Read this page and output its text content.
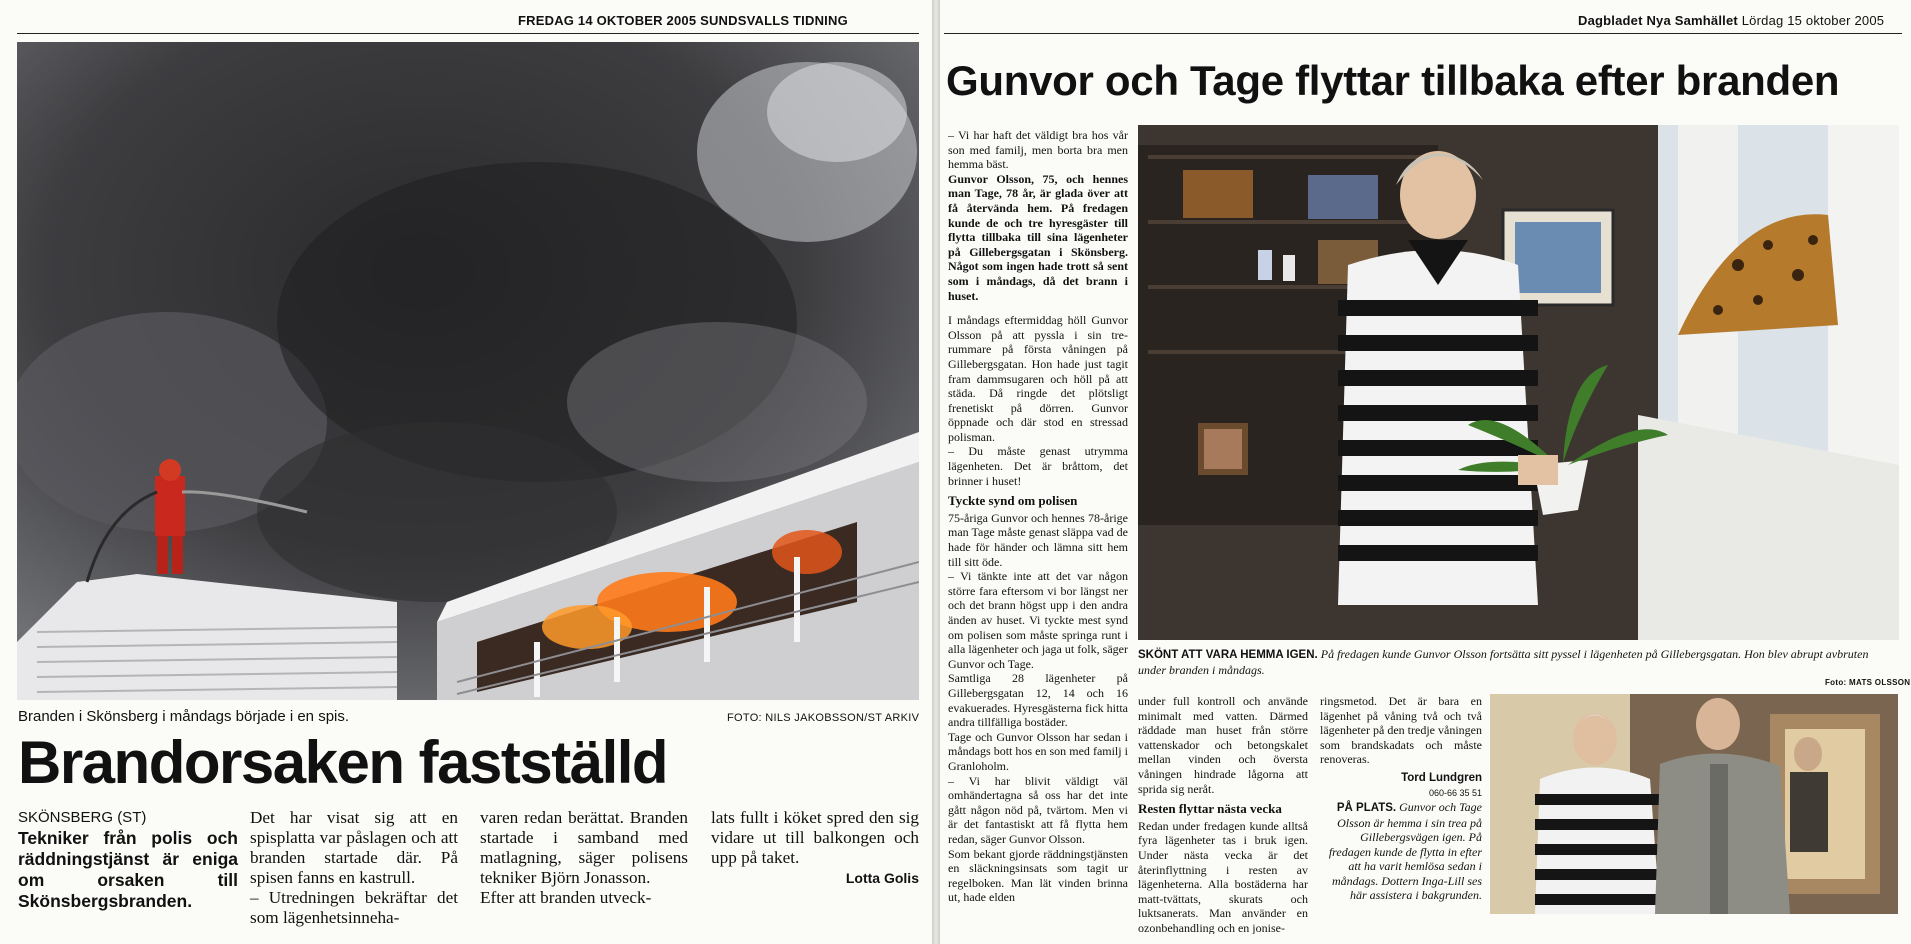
FREDAG 14 OKTOBER 2005 SUNDSVALLS TIDNING
Branden i Skönsberg i måndags började i en spis.	FOTO: NILS JAKOBSSON/ST ARKIV
Brandorsaken fastställd
SKÖNSBERG (ST)
Tekniker från polis och räddningstjänst är eniga om orsaken till Skönsbergsbranden.
Det har visat sig att en spisplatta var påslagen och att branden startade där. På spisen fanns en kastrull.
– Utredningen bekräftar det som lägenhetsinneha-
varen redan berättat. Branden startade i samband med matlagning, säger polisens tekniker Björn Jonasson.
Efter att branden utveck-
lats fullt i köket spred den sig vidare ut till balkongen och upp på taket.
Lotta Golis
Dagbladet Nya Samhället Lördag 15 oktober 2005
Gunvor och Tage flyttar tillbaka efter branden

– Vi har haft det väldigt bra hos vår son med familj, men borta bra men hemma bäst.

Gunvor Olsson, 75, och hennes man Tage, 78 år, är glada över att få återvända hem. På fredagen kunde de och tre hyresgäster till flytta tillbaka till sina lägenheter på Gillebergsgatan i Skönsberg. Något som ingen hade trott så sent som i måndags, då det brann i huset.

I måndags eftermiddag höll Gunvor Olsson på att pyssla i sin tre-rummare på första våningen på Gillebergsgatan. Hon hade just tagit fram dammsugaren och höll på att städa. Då ringde det plötsligt frenetiskt på dörren. Gunvor öppnade och där stod en stressad polisman.
– Du måste genast utrymma lägenheten. Det är bråttom, det brinner i huset!

Tyckte synd om polisen

75-åriga Gunvor och hennes 78-årige man Tage måste genast släppa vad de hade för händer och lämna sitt hem till sitt öde.
– Vi tänkte inte att det var någon större fara eftersom vi bor längst ner och det brann högst upp i den andra änden av huset. Vi tyckte mest synd om polisen som måste springa runt i alla lägenheter och jaga ut folk, säger Gunvor och Tage.
Samtliga 28 lägenheter på Gillebergsgatan 12, 14 och 16 evakuerades. Hyresgästerna fick hitta andra tillfälliga bostäder.
Tage och Gunvor Olsson har sedan i måndags bott hos en son med familj i Granloholm.
– Vi har blivit väldigt väl omhändertagna så oss har det inte gått någon nöd på, tvärtom. Men vi är det fantastiskt att få flytta hem redan, säger Gunvor Olsson.
Som bekant gjorde räddningstjänsten en släckningsinsats som tagit ur regelboken. Man lät vinden brinna ut, hade elden

SKÖNT ATT VARA HEMMA IGEN. På fredagen kunde Gunvor Olsson fortsätta sitt pyssel i lägenheten på Gillebergsgatan. Hon blev abrupt avbruten under branden i måndags.
Foto: MATS OLSSON

under full kontroll och använde minimalt med vatten. Därmed räddade man huset från större vattenskador och betongskalet mellan vinden och översta våningen hindrade lågorna att sprida sig neråt.

Resten flyttar nästa vecka

Redan under fredagen kunde alltså fyra lägenheter tas i bruk igen. Under nästa vecka är det återinflyttning i resten av lägenheterna. Alla bostäderna har matt-tvättats, skurats och luktsanerats. Man använder en ozonbehandling och en jonise-

ringsmetod. Det är bara en lägenhet på våning två och två lägenheter på den tredje våningen som brandskadats och måste renoveras.

Tord Lundgren
060-66 35 51
PÅ PLATS. Gunvor och Tage Olsson är hemma i sin trea på Gillebergsvägen igen. På fredagen kunde de flytta in efter att ha varit hemlösa sedan i måndags. Dottern Inga-Lill ses här assistera i bakgrunden.
